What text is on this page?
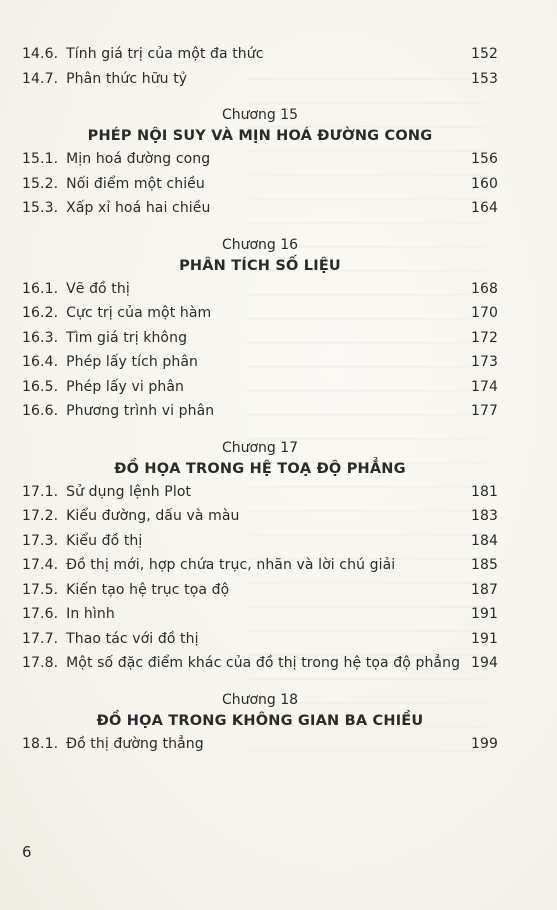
14.6. Tính giá trị của một đa thức	152
14.7. Phân thức hữu tỷ	153
Chương 15
PHÉP NỘI SUY VÀ MỊN HOÁ ĐƯỜNG CONG
15.1. Mịn hoá đường cong	156
15.2. Nối điểm một chiều	160
15.3. Xấp xỉ hoá hai chiều	164
Chương 16
PHÂN TÍCH SỐ LIỆU
16.1. Vẽ đồ thị	168
16.2. Cực trị của một hàm	170
16.3. Tìm giá trị không	172
16.4. Phép lấy tích phân	173
16.5. Phép lấy vi phân	174
16.6. Phương trình vi phân	177
Chương 17
ĐỒ HỌA TRONG HỆ TOẠ ĐỘ PHẲNG
17.1. Sử dụng lệnh Plot	181
17.2. Kiểu đường, dấu và màu	183
17.3. Kiểu đồ thị	184
17.4. Đồ thị mới, hợp chứa trục, nhãn và lời chú giải	185
17.5. Kiến tạo hệ trục tọa độ	187
17.6. In hình	191
17.7. Thao tác với đồ thị	191
17.8. Một số đặc điểm khác của đồ thị trong hệ tọa độ phẳng 194
Chương 18
ĐỒ HỌA TRONG KHÔNG GIAN BA CHIỀU
18.1. Đồ thị đường thẳng	199
6
